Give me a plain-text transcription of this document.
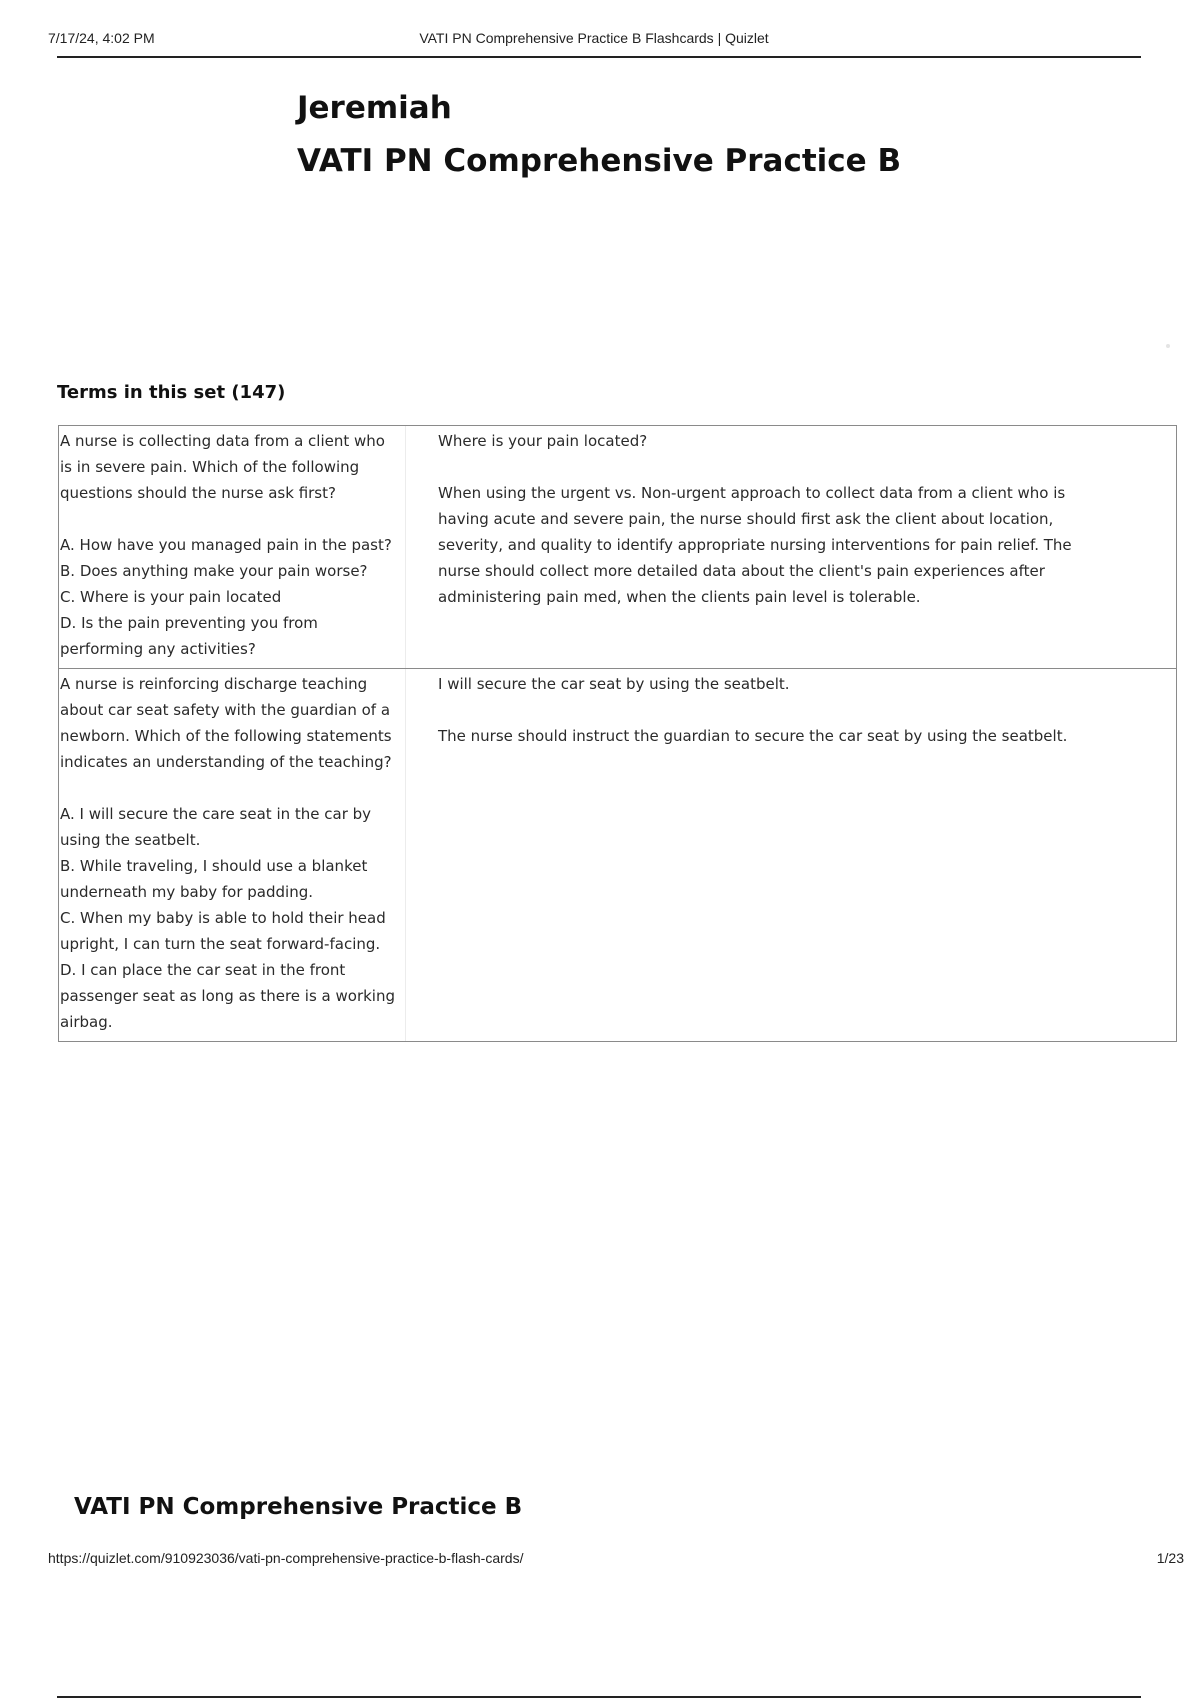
7/17/24, 4:02 PM	VATI PN Comprehensive Practice B Flashcards | Quizlet
Jeremiah
VATI PN Comprehensive Practice B
Terms in this set (147)
A nurse is collecting data from a client who
is in severe pain. Which of the following
questions should the nurse ask first?
A. How have you managed pain in the past?
B. Does anything make your pain worse?
C. Where is your pain located
D. Is the pain preventing you from
performing any activities?
Where is your pain located?
When using the urgent vs. Non-urgent approach to collect data from a client who is
having acute and severe pain, the nurse should first ask the client about location,
severity, and quality to identify appropriate nursing interventions for pain relief. The
nurse should collect more detailed data about the client's pain experiences after
administering pain med, when the clients pain level is tolerable.
A nurse is reinforcing discharge teaching
about car seat safety with the guardian of a
newborn. Which of the following statements
indicates an understanding of the teaching?
A. I will secure the care seat in the car by
using the seatbelt.
B. While traveling, I should use a blanket
underneath my baby for padding.
C. When my baby is able to hold their head
upright, I can turn the seat forward-facing.
D. I can place the car seat in the front
passenger seat as long as there is a working
airbag.
I will secure the car seat by using the seatbelt.
The nurse should instruct the guardian to secure the car seat by using the seatbelt.
VATI PN Comprehensive Practice B
https://quizlet.com/910923036/vati-pn-comprehensive-practice-b-flash-cards/	1/23
